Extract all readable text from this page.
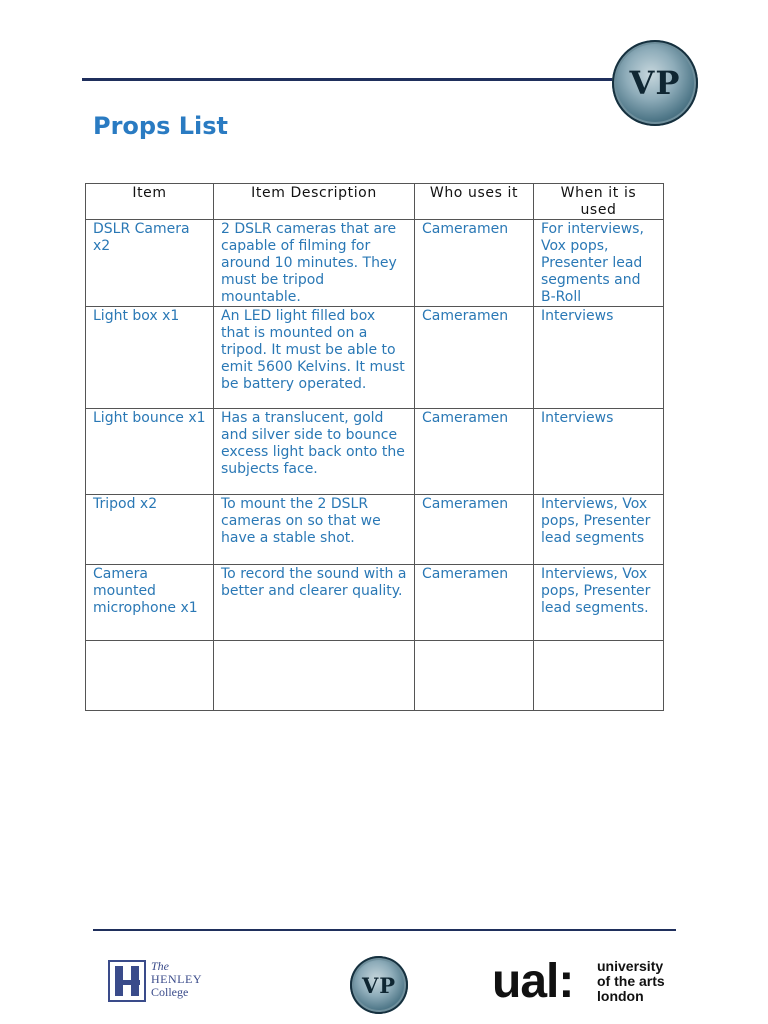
VP
Props List
Item	Item Description	Who uses it	When it is used
DSLR Camera x2	2 DSLR cameras that are capable of filming for around 10 minutes. They must be tripod mountable.	Cameramen	For interviews, Vox pops, Presenter lead segments and B-Roll
Light box x1	An LED light filled box that is mounted on a tripod. It must be able to emit 5600 Kelvins. It must be battery operated.	Cameramen	Interviews
Light bounce x1	Has a translucent, gold and silver side to bounce excess light back onto the subjects face.	Cameramen	Interviews
Tripod x2	To mount the 2 DSLR cameras on so that we have a stable shot.	Cameramen	Interviews, Vox pops, Presenter lead segments
Camera mounted microphone x1	To record the sound with a better and clearer quality.	Cameramen	Interviews, Vox pops, Presenter lead segments.

The
HENLEY
College	VP ual: university
of the arts
london
